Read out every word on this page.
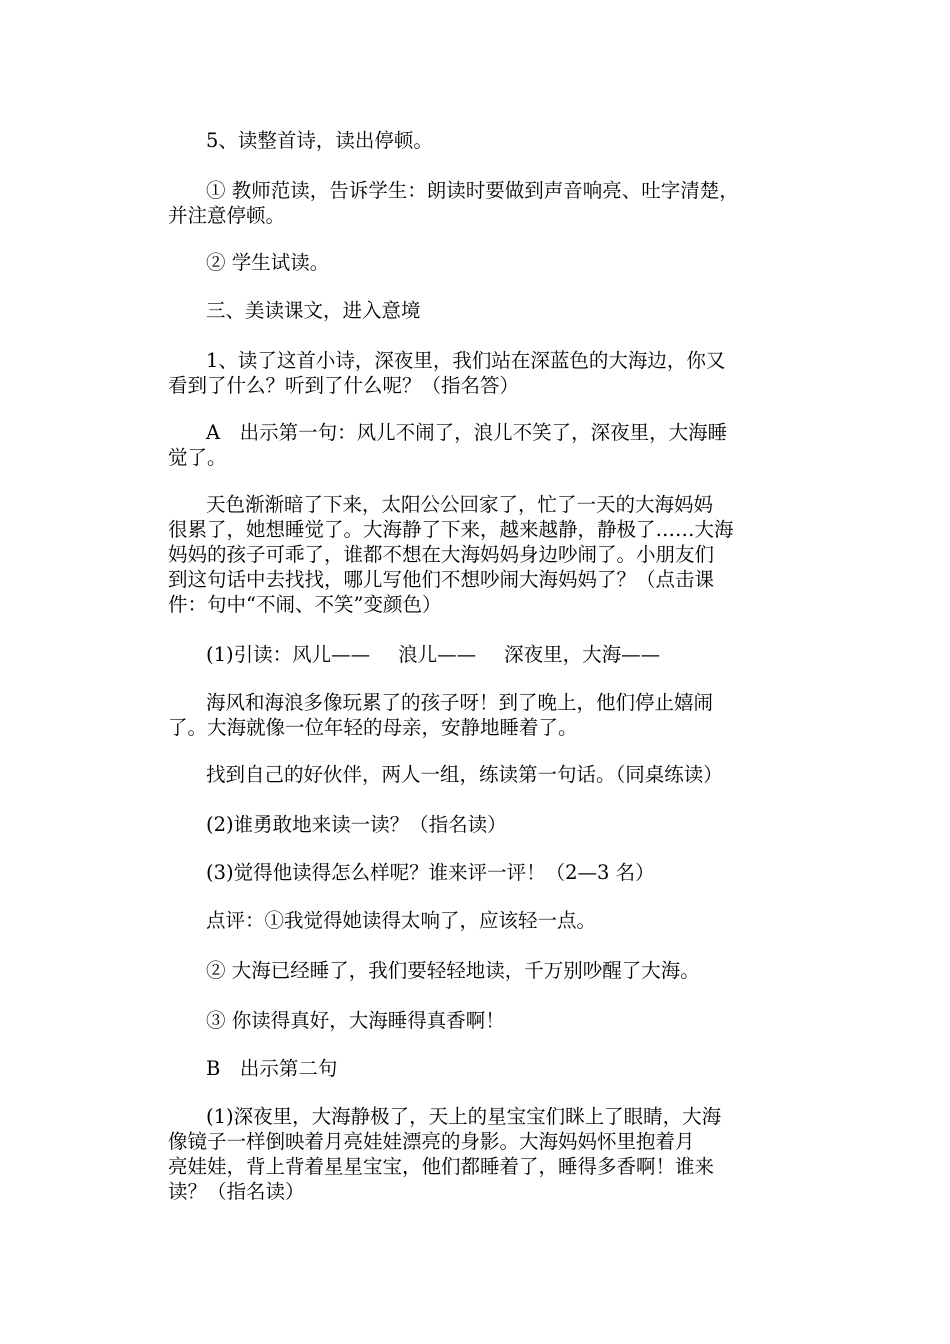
5、读整首诗，读出停顿。
① 教师范读，告诉学生：朗读时要做到声音响亮、吐字清楚，
并注意停顿。
② 学生试读。
三、美读课文，进入意境
1、读了这首小诗，深夜里，我们站在深蓝色的大海边，你又
看到了什么？听到了什么呢？（指名答）
A　出示第一句：风儿不闹了，浪儿不笑了，深夜里，大海睡
觉了。
天色渐渐暗了下来，太阳公公回家了，忙了一天的大海妈妈
很累了，她想睡觉了。大海静了下来，越来越静，静极了……大海
妈妈的孩子可乖了，谁都不想在大海妈妈身边吵闹了。小朋友们
到这句话中去找找，哪儿写他们不想吵闹大海妈妈了？（点击课
件：句中“不闹、不笑”变颜色）
(1)引读：风儿—— 浪儿—— 深夜里，大海——
海风和海浪多像玩累了的孩子呀！到了晚上，他们停止嬉闹
了。大海就像一位年轻的母亲，安静地睡着了。
找到自己的好伙伴，两人一组，练读第一句话。（同桌练读）
(2)谁勇敢地来读一读？（指名读）
(3)觉得他读得怎么样呢？谁来评一评！（2—3 名）
点评：①我觉得她读得太响了，应该轻一点。
② 大海已经睡了，我们要轻轻地读，千万别吵醒了大海。
③ 你读得真好，大海睡得真香啊！
B　出示第二句
(1)深夜里，大海静极了，天上的星宝宝们眯上了眼睛，大海
像镜子一样倒映着月亮娃娃漂亮的身影。大海妈妈怀里抱着月
亮娃娃，背上背着星星宝宝，他们都睡着了，睡得多香啊！谁来
读？（指名读）
